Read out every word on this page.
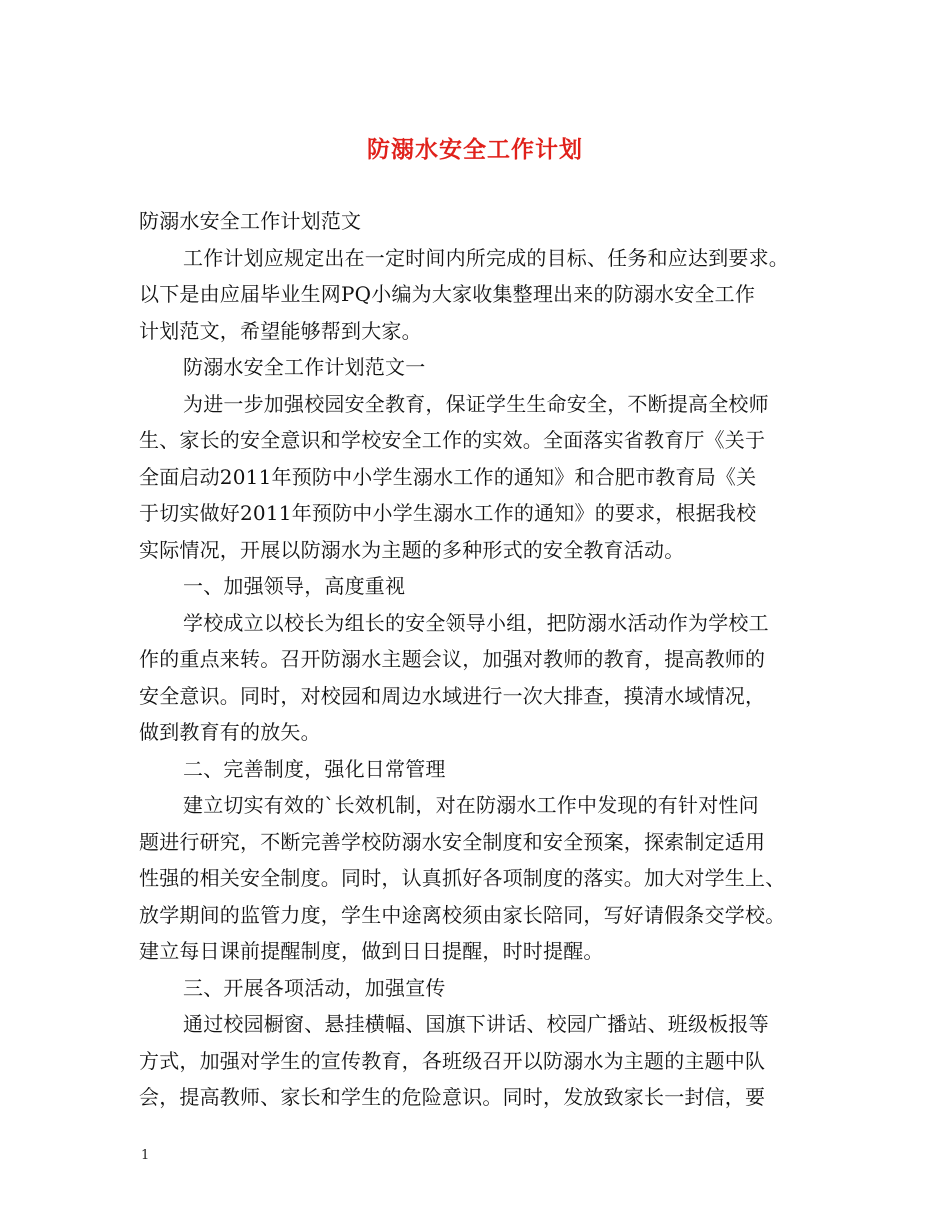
防溺水安全工作计划
防溺水安全工作计划范文
工作计划应规定出在一定时间内所完成的目标、任务和应达到要求。
以下是由应届毕业生网PQ小编为大家收集整理出来的防溺水安全工作
计划范文，希望能够帮到大家。
防溺水安全工作计划范文一
为进一步加强校园安全教育，保证学生生命安全，不断提高全校师
生、家长的安全意识和学校安全工作的实效。全面落实省教育厅《关于
全面启动2011年预防中小学生溺水工作的通知》和合肥市教育局《关
于切实做好2011年预防中小学生溺水工作的通知》的要求，根据我校
实际情况，开展以防溺水为主题的多种形式的安全教育活动。
一、加强领导，高度重视
学校成立以校长为组长的安全领导小组，把防溺水活动作为学校工
作的重点来转。召开防溺水主题会议，加强对教师的教育，提高教师的
安全意识。同时，对校园和周边水域进行一次大排查，摸清水域情况，
做到教育有的放矢。
二、完善制度，强化日常管理
建立切实有效的`长效机制，对在防溺水工作中发现的有针对性问
题进行研究，不断完善学校防溺水安全制度和安全预案，探索制定适用
性强的相关安全制度。同时，认真抓好各项制度的落实。加大对学生上、
放学期间的监管力度，学生中途离校须由家长陪同，写好请假条交学校。
建立每日课前提醒制度，做到日日提醒，时时提醒。
三、开展各项活动，加强宣传
通过校园橱窗、悬挂横幅、国旗下讲话、校园广播站、班级板报等
方式，加强对学生的宣传教育，各班级召开以防溺水为主题的主题中队
会，提高教师、家长和学生的危险意识。同时，发放致家长一封信，要
1
